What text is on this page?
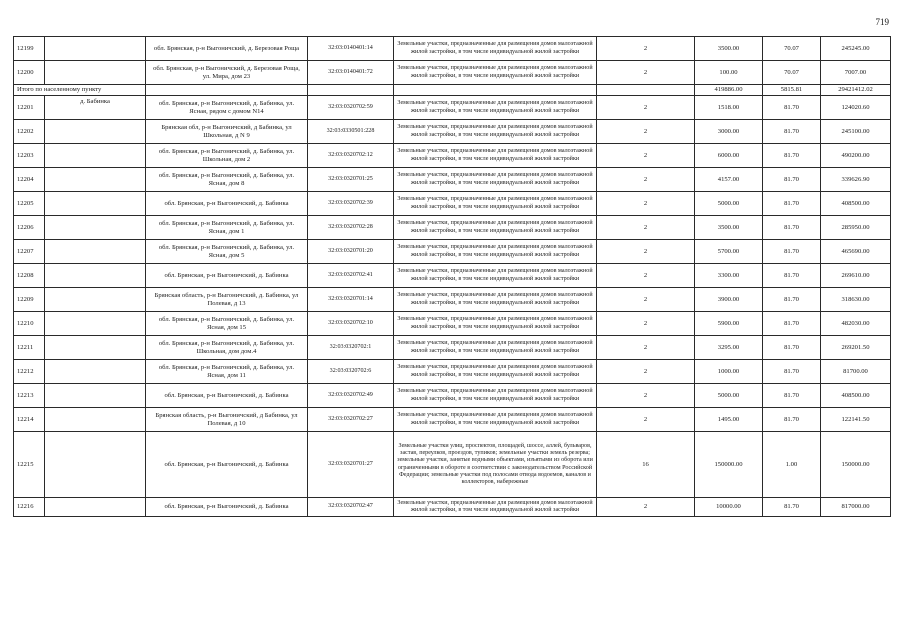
719
12199		обл. Брянская, р-н Выгоничский, д. Березовая Роща	32:03:0140401:14	Земельные участки, предназначенные для размещения домов малоэтажной жилой застройки, в том числе индивидуальной жилой застройки	2	3500.00	70.07	245245.00
12200		обл. Брянская, р-н Выгоничский, д. Березовая Роща, ул. Мира, дом 23	32:03:0140401:72	Земельные участки, предназначенные для размещения домов малоэтажной жилой застройки, в том числе индивидуальной жилой застройки	2	100.00	70.07	7007.00
Итого по населенному пункту						419886.00	5815.81	29421412.02
12201	д. Бабинка	обл. Брянская, р-н Выгоничский, д. Бабинка, ул. Ясная, рядом с домом N14	32:03:0320702:59	Земельные участки, предназначенные для размещения домов малоэтажной жилой застройки, в том числе индивидуальной жилой застройки	2	1518.00	81.70	124020.60
12202		Брянская обл, р-н Выгоничский, д Бабинка, ул Школьная, д N 9	32:03:0330501:228	Земельные участки, предназначенные для размещения домов малоэтажной жилой застройки, в том числе индивидуальной жилой застройки	2	3000.00	81.70	245100.00
12203		обл. Брянская, р-н Выгоничский, д. Бабинка, ул. Школьная, дом 2	32:03:0320702:12	Земельные участки, предназначенные для размещения домов малоэтажной жилой застройки, в том числе индивидуальной жилой застройки	2	6000.00	81.70	490200.00
12204		обл. Брянская, р-н Выгоничский, д. Бабинка, ул. Ясная, дом 8	32:03:0320701:25	Земельные участки, предназначенные для размещения домов малоэтажной жилой застройки, в том числе индивидуальной жилой застройки	2	4157.00	81.70	339626.90
12205		обл. Брянская, р-н Выгоничский, д. Бабинка	32:03:0320702:39	Земельные участки, предназначенные для размещения домов малоэтажной жилой застройки, в том числе индивидуальной жилой застройки	2	5000.00	81.70	408500.00
12206		обл. Брянская, р-н Выгоничский, д. Бабинка, ул. Ясная, дом 1	32:03:0320702:28	Земельные участки, предназначенные для размещения домов малоэтажной жилой застройки, в том числе индивидуальной жилой застройки	2	3500.00	81.70	285950.00
12207		обл. Брянская, р-н Выгоничский, д. Бабинка, ул. Ясная, дом 5	32:03:0320701:20	Земельные участки, предназначенные для размещения домов малоэтажной жилой застройки, в том числе индивидуальной жилой застройки	2	5700.00	81.70	465690.00
12208		обл. Брянская, р-н Выгоничский, д. Бабинка	32:03:0320702:41	Земельные участки, предназначенные для размещения домов малоэтажной жилой застройки, в том числе индивидуальной жилой застройки	2	3300.00	81.70	269610.00
12209		Брянская область, р-н Выгоничский, д. Бабинка, ул Полевая, д 13	32:03:0320701:14	Земельные участки, предназначенные для размещения домов малоэтажной жилой застройки, в том числе индивидуальной жилой застройки	2	3900.00	81.70	318630.00
12210		обл. Брянская, р-н Выгоничский, д. Бабинка, ул. Ясная, дом 15	32:03:0320702:10	Земельные участки, предназначенные для размещения домов малоэтажной жилой застройки, в том числе индивидуальной жилой застройки	2	5900.00	81.70	482030.00
12211		обл. Брянская, р-н Выгоничский, д. Бабинка, ул. Школьная, дом дом.4	32:03:0320702:1	Земельные участки, предназначенные для размещения домов малоэтажной жилой застройки, в том числе индивидуальной жилой застройки	2	3295.00	81.70	269201.50
12212		обл. Брянская, р-н Выгоничский, д. Бабинка, ул. Ясная, дом 11	32:03:0320702:6	Земельные участки, предназначенные для размещения домов малоэтажной жилой застройки, в том числе индивидуальной жилой застройки	2	1000.00	81.70	81700.00
12213		обл. Брянская, р-н Выгоничский, д. Бабинка	32:03:0320702:49	Земельные участки, предназначенные для размещения домов малоэтажной жилой застройки, в том числе индивидуальной жилой застройки	2	5000.00	81.70	408500.00
12214		Брянская область, р-н Выгоничский, д Бабинка, ул Полевая, д 10	32:03:0320702:27	Земельные участки, предназначенные для размещения домов малоэтажной жилой застройки, в том числе индивидуальной жилой застройки	2	1495.00	81.70	122141.50
12215		обл. Брянская, р-н Выгоничский, д. Бабинка	32:03:0320701:27	Земельные участки улиц, проспектов, площадей, шоссе, аллей, бульваров, застав, переулков, проездов, тупиков; земельные участки земель резерва; земельные участки, занятые водными объектами, изъятыми из оборота или ограниченными в обороте в соответствии с законодательством Российской Федерации; земельные участки под полосами отвода водоемов, каналов и коллекторов, набережные	16	150000.00	1.00	150000.00
12216		обл. Брянская, р-н Выгоничский, д. Бабинка	32:03:0320702:47	Земельные участки, предназначенные для размещения домов малоэтажной жилой застройки, в том числе индивидуальной жилой застройки	2	10000.00	81.70	817000.00
